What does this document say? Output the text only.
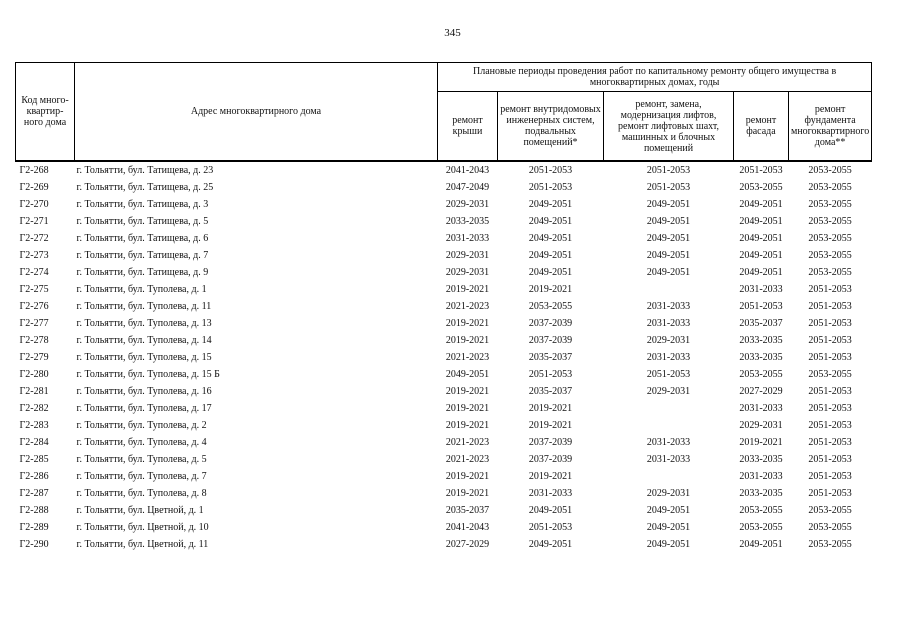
345
Код много-квартир-ного дома	Адрес многоквартирного дома	Плановые периоды проведения работ по капитальному ремонту общего имущества в многоквартирных домах, годы				
		ремонт крыши	ремонт внутридомовых инженерных систем, подвальных помещений*	ремонт, замена, модернизация лифтов, ремонт лифтовых шахт, машинных и блочных помещений	ремонт фасада	ремонт фундамента многоквартирного дома**
Г2-268	г. Тольятти, бул. Татищева, д. 23	2041-2043	2051-2053	2051-2053	2051-2053	2053-2055
Г2-269	г. Тольятти, бул. Татищева, д. 25	2047-2049	2051-2053	2051-2053	2053-2055	2053-2055
Г2-270	г. Тольятти, бул. Татищева, д. 3	2029-2031	2049-2051	2049-2051	2049-2051	2053-2055
Г2-271	г. Тольятти, бул. Татищева, д. 5	2033-2035	2049-2051	2049-2051	2049-2051	2053-2055
Г2-272	г. Тольятти, бул. Татищева, д. 6	2031-2033	2049-2051	2049-2051	2049-2051	2053-2055
Г2-273	г. Тольятти, бул. Татищева, д. 7	2029-2031	2049-2051	2049-2051	2049-2051	2053-2055
Г2-274	г. Тольятти, бул. Татищева, д. 9	2029-2031	2049-2051	2049-2051	2049-2051	2053-2055
Г2-275	г. Тольятти, бул. Туполева, д. 1	2019-2021	2019-2021		2031-2033	2051-2053
Г2-276	г. Тольятти, бул. Туполева, д. 11	2021-2023	2053-2055	2031-2033	2051-2053	2051-2053
Г2-277	г. Тольятти, бул. Туполева, д. 13	2019-2021	2037-2039	2031-2033	2035-2037	2051-2053
Г2-278	г. Тольятти, бул. Туполева, д. 14	2019-2021	2037-2039	2029-2031	2033-2035	2051-2053
Г2-279	г. Тольятти, бул. Туполева, д. 15	2021-2023	2035-2037	2031-2033	2033-2035	2051-2053
Г2-280	г. Тольятти, бул. Туполева, д. 15 Б	2049-2051	2051-2053	2051-2053	2053-2055	2053-2055
Г2-281	г. Тольятти, бул. Туполева, д. 16	2019-2021	2035-2037	2029-2031	2027-2029	2051-2053
Г2-282	г. Тольятти, бул. Туполева, д. 17	2019-2021	2019-2021		2031-2033	2051-2053
Г2-283	г. Тольятти, бул. Туполева, д. 2	2019-2021	2019-2021		2029-2031	2051-2053
Г2-284	г. Тольятти, бул. Туполева, д. 4	2021-2023	2037-2039	2031-2033	2019-2021	2051-2053
Г2-285	г. Тольятти, бул. Туполева, д. 5	2021-2023	2037-2039	2031-2033	2033-2035	2051-2053
Г2-286	г. Тольятти, бул. Туполева, д. 7	2019-2021	2019-2021		2031-2033	2051-2053
Г2-287	г. Тольятти, бул. Туполева, д. 8	2019-2021	2031-2033	2029-2031	2033-2035	2051-2053
Г2-288	г. Тольятти, бул. Цветной, д. 1	2035-2037	2049-2051	2049-2051	2053-2055	2053-2055
Г2-289	г. Тольятти, бул. Цветной, д. 10	2041-2043	2051-2053	2049-2051	2053-2055	2053-2055
Г2-290	г. Тольятти, бул. Цветной, д. 11	2027-2029	2049-2051	2049-2051	2049-2051	2053-2055
